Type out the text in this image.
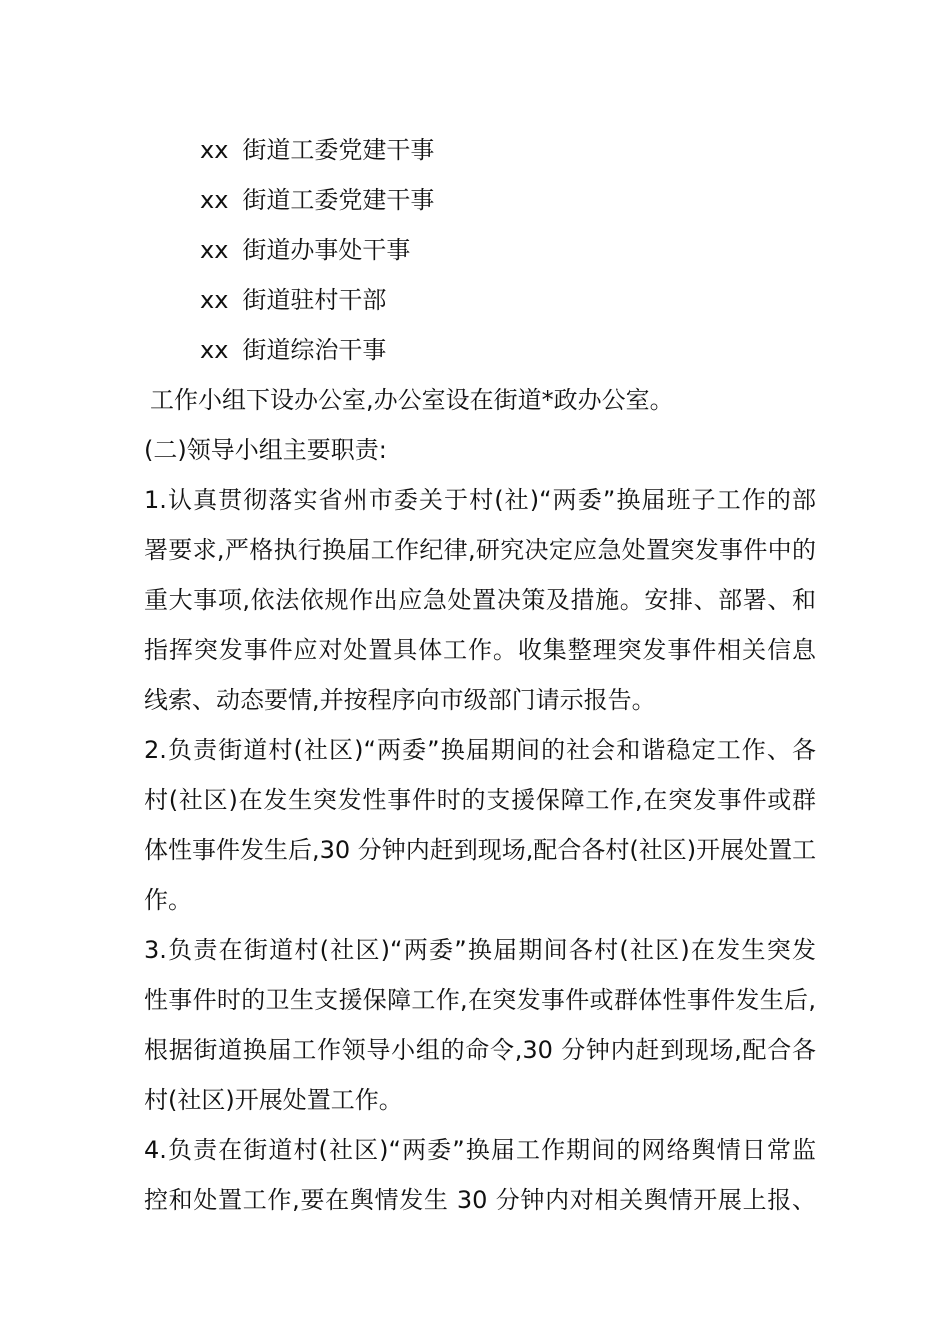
xx 街道工委党建干事
xx 街道工委党建干事
xx 街道办事处干事
xx 街道驻村干部
xx 街道综治干事
工作小组下设办公室,办公室设在街道*政办公室。
(二)领导小组主要职责:
1.认真贯彻落实省州市委关于村(社)“两委”换届班子工作的部
署要求,严格执行换届工作纪律,研究决定应急处置突发事件中的
重大事项,依法依规作出应急处置决策及措施。安排、部署、和
指挥突发事件应对处置具体工作。收集整理突发事件相关信息
线索、动态要情,并按程序向市级部门请示报告。
2.负责街道村(社区)“两委”换届期间的社会和谐稳定工作、各
村(社区)在发生突发性事件时的支援保障工作,在突发事件或群
体性事件发生后,30 分钟内赶到现场,配合各村(社区)开展处置工
作。
3.负责在街道村(社区)“两委”换届期间各村(社区)在发生突发
性事件时的卫生支援保障工作,在突发事件或群体性事件发生后,
根据街道换届工作领导小组的命令,30 分钟内赶到现场,配合各
村(社区)开展处置工作。
4.负责在街道村(社区)“两委”换届工作期间的网络舆情日常监
控和处置工作,要在舆情发生 30 分钟内对相关舆情开展上报、
